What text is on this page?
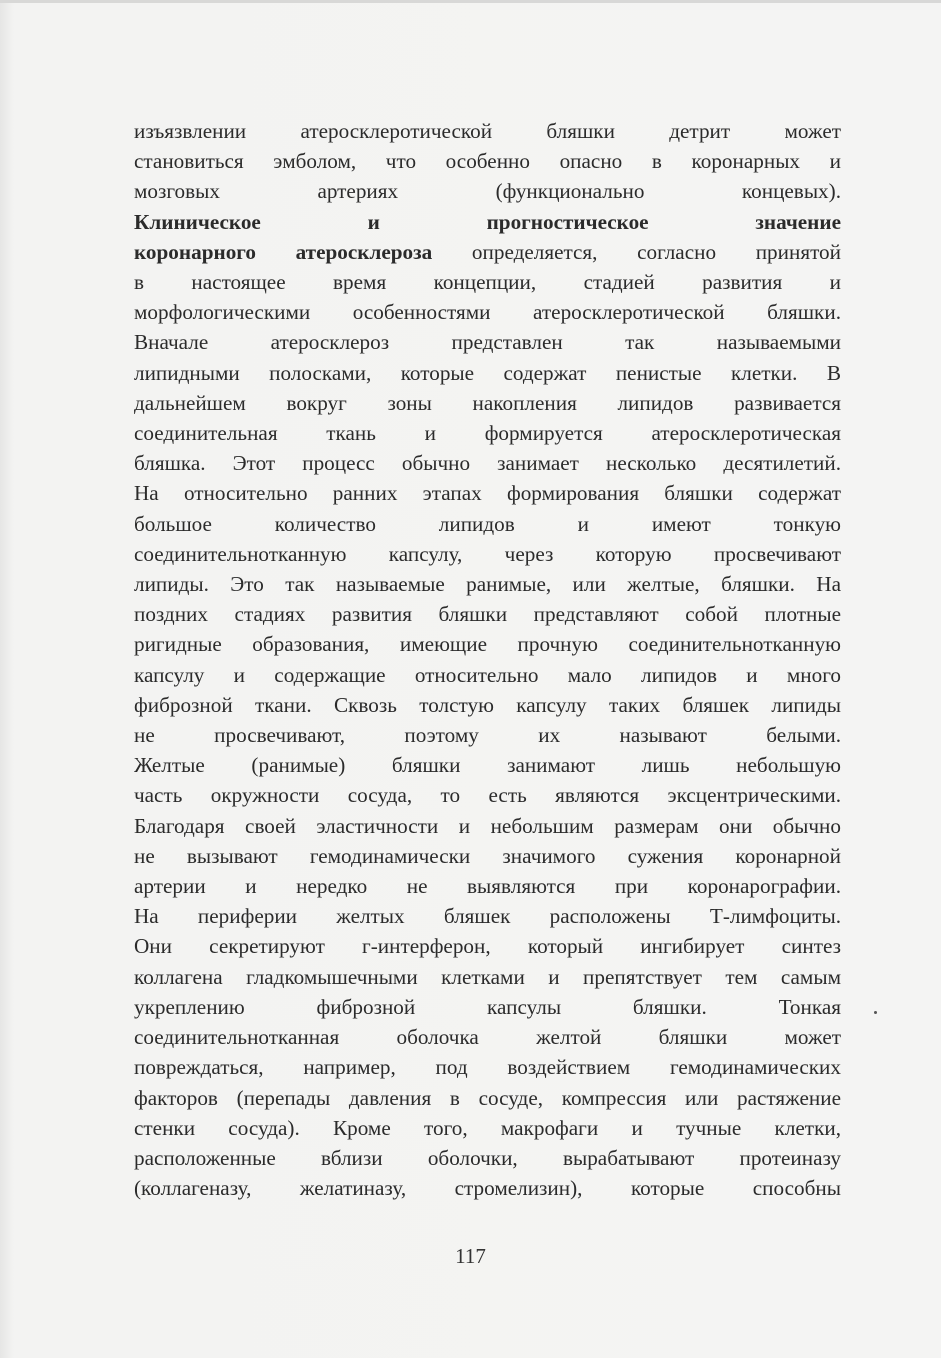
изъязвлении атеросклеротической бляшки детрит может
становиться эмболом, что особенно опасно в коронарных и
мозговых артериях (функционально концевых).
Клиническое и прогностическое значение
коронарного атеросклероза определяется, согласно принятой
в настоящее время концепции, стадией развития и
морфологическими особенностями атеросклеротической бляшки.
Вначале атеросклероз представлен так называемыми
липидными полосками, которые содержат пенистые клетки. В
дальнейшем вокруг зоны накопления липидов развивается
соединительная ткань и формируется атеросклеротическая
бляшка. Этот процесс обычно занимает несколько десятилетий.
На относительно ранних этапах формирования бляшки содержат
большое количество липидов и имеют тонкую
соединительнотканную капсулу, через которую просвечивают
липиды. Это так называемые ранимые, или желтые, бляшки. На
поздних стадиях развития бляшки представляют собой плотные
ригидные образования, имеющие прочную соединительнотканную
капсулу и содержащие относительно мало липидов и много
фиброзной ткани. Сквозь толстую капсулу таких бляшек липиды
не просвечивают, поэтому их называют белыми.
Желтые (ранимые) бляшки занимают лишь небольшую
часть окружности сосуда, то есть являются эксцентрическими.
Благодаря своей эластичности и небольшим размерам они обычно
не вызывают гемодинамически значимого сужения коронарной
артерии и нередко не выявляются при коронарографии.
На периферии желтых бляшек расположены Т-лимфоциты.
Они секретируют г-интерферон, который ингибирует синтез
коллагена гладкомышечными клетками и препятствует тем самым
укреплению фиброзной капсулы бляшки. Тонкая
соединительнотканная оболочка желтой бляшки может
повреждаться, например, под воздействием гемодинамических
факторов (перепады давления в сосуде, компрессия или растяжение
стенки сосуда). Кроме того, макрофаги и тучные клетки,
расположенные вблизи оболочки, вырабатывают протеиназу
(коллагеназу, желатиназу, стромелизин), которые способны
117
